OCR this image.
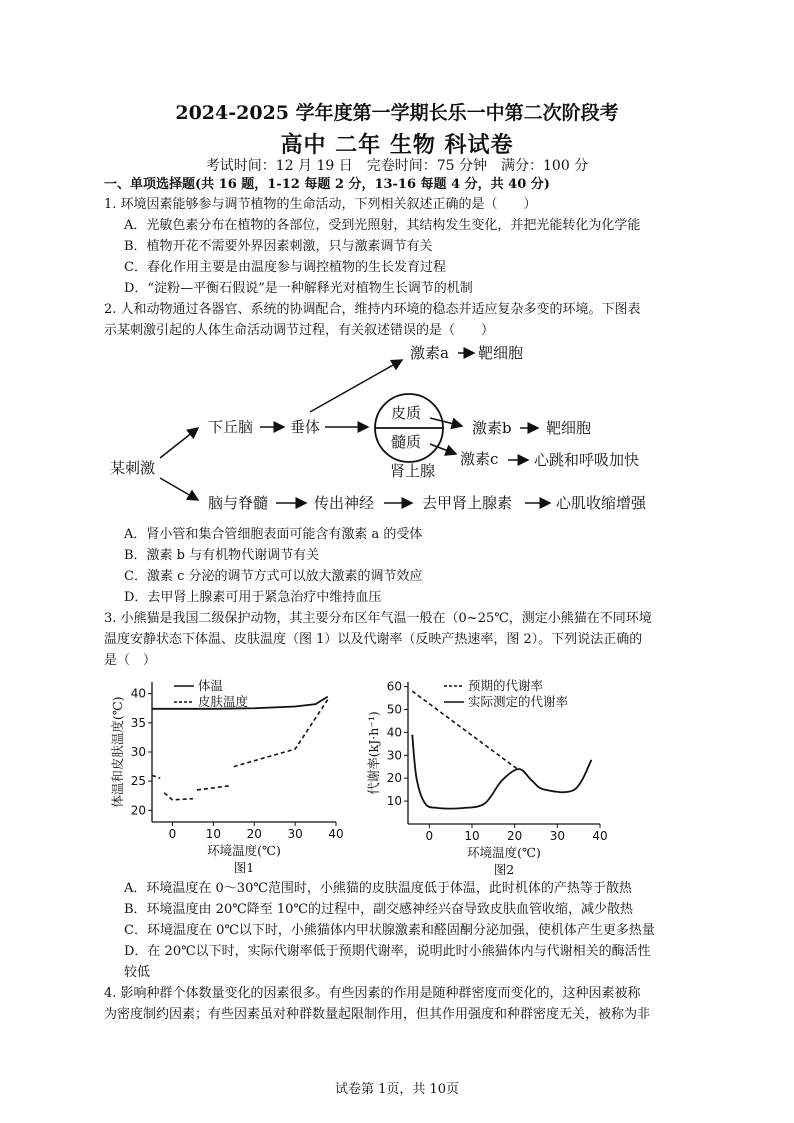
2024-2025 学年度第一学期长乐一中第二次阶段考
高中 二年 生物 科试卷
考试时间：12 月 19 日　完卷时间：75 分钟　满分：100 分
一、单项选择题(共 16 题，1-12 每题 2 分，13-16 每题 4 分，共 40 分)
1. 环境因素能够参与调节植物的生命活动，下列相关叙述正确的是（　　）
A．光敏色素分布在植物的各部位，受到光照射，其结构发生变化，并把光能转化为化学能
B．植物开花不需要外界因素刺激，只与激素调节有关
C．春化作用主要是由温度参与调控植物的生长发育过程
D．“淀粉—平衡石假说”是一种解释光对植物生长调节的机制
2. 人和动物通过各器官、系统的协调配合，维持内环境的稳态并适应复杂多变的环境。下图表
示某刺激引起的人体生命活动调节过程，有关叙述错误的是（　　）
某刺激
下丘脑 垂体
激素a 靶细胞
皮质
髓质
肾上腺
激素b 靶细胞
激素c 心跳和呼吸加快
脑与脊髓	传出神经	去甲肾上腺素	心肌收缩增强
A．肾小管和集合管细胞表面可能含有激素 a 的受体
B．激素 b 与有机物代谢调节有关
C．激素 c 分泌的调节方式可以放大激素的调节效应
D．去甲肾上腺素可用于紧急治疗中维持血压
3. 小熊猫是我国二级保护动物，其主要分布区年气温一般在（0~25℃，测定小熊猫在不同环境
温度安静状态下体温、皮肤温度（图 1）以及代谢率（反映产热速率，图 2）。下列说法正确的
是（　）
0 10 20 30 40
20
25
30
35
40
环境温度(℃)
图1
体温和皮肤温度(℃)
体温
皮肤温度
0	10 20 30 40
10
20
30
40
50
60
环境温度(℃)
图2
代谢率(kJ·h⁻¹)
预期的代谢率
实际测定的代谢率
A．环境温度在 0～30℃范围时，小熊猫的皮肤温度低于体温，此时机体的产热等于散热
B．环境温度由 20℃降至 10℃的过程中，副交感神经兴奋导致皮肤血管收缩，减少散热
C．环境温度在 0℃以下时，小熊猫体内甲状腺激素和醛固酮分泌加强，使机体产生更多热量
D．在 20℃以下时，实际代谢率低于预期代谢率，说明此时小熊猫体内与代谢相关的酶活性
较低
4. 影响种群个体数量变化的因素很多。有些因素的作用是随种群密度而变化的，这种因素被称
为密度制约因素；有些因素虽对种群数量起限制作用，但其作用强度和种群密度无关，被称为非
试卷第 1页，共 10页
